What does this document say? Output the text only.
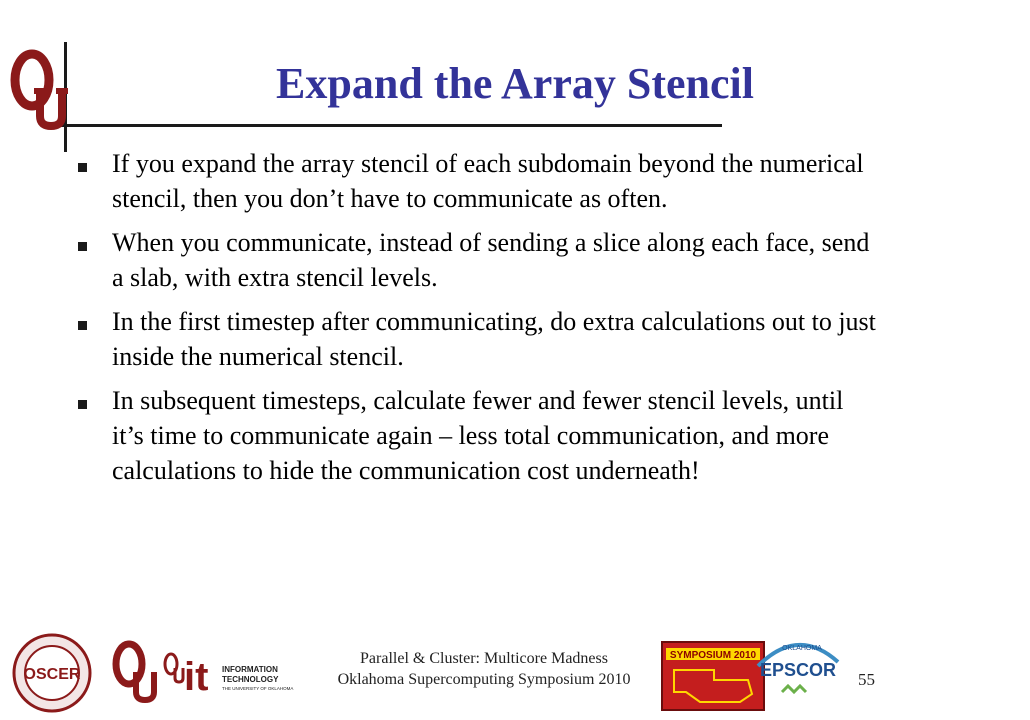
Expand the Array Stencil
If you expand the array stencil of each subdomain beyond the numerical stencil, then you don’t have to communicate as often.
When you communicate, instead of sending a slice along each face, send a slab, with extra stencil levels.
In the first timestep after communicating, do extra calculations out to just inside the numerical stencil.
In subsequent timesteps, calculate fewer and fewer stencil levels, until it’s time to communicate again – less total communication, and more calculations to hide the communication cost underneath!
OSCER	it INFORMATION
TECHNOLOGY
THE UNIVERSITY OF OKLAHOMA
Parallel & Cluster: Multicore Madness
Oklahoma Supercomputing Symposium 2010
SYMPOSIUM 2010
OKLAHOMA
EPSCOR 55
